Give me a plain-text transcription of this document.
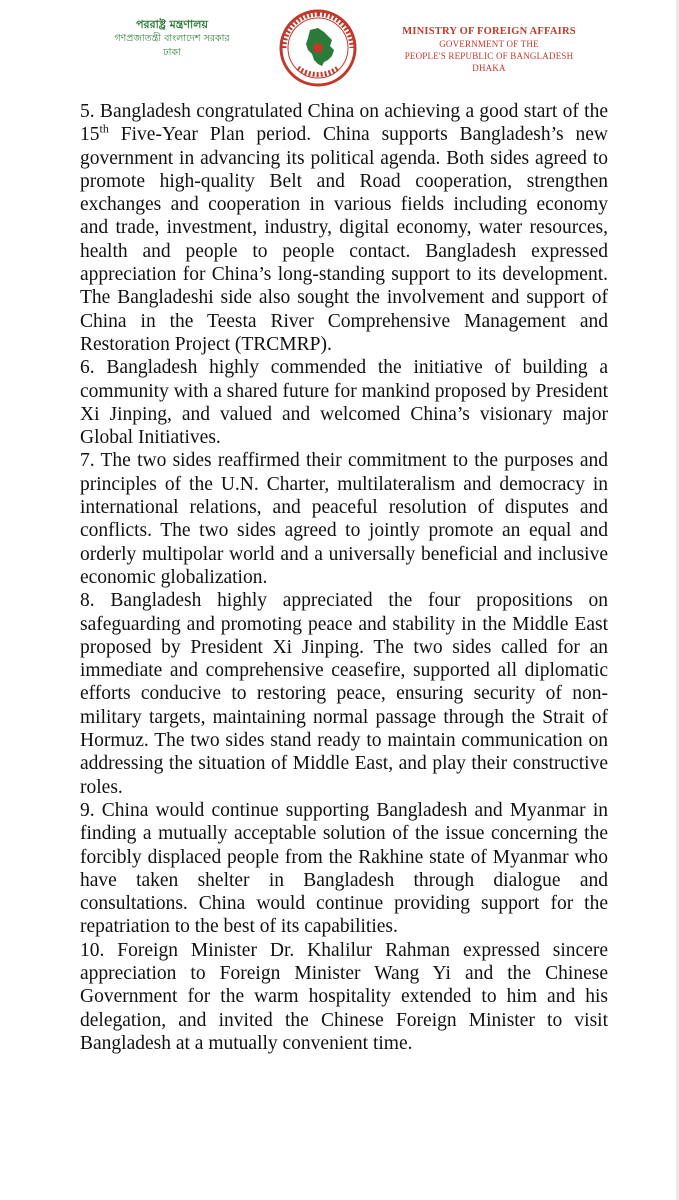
পররাষ্ট্র মন্ত্রণালয়
গণপ্রজাতন্ত্রী বাংলাদেশ সরকার
ঢাকা
MINISTRY OF FOREIGN AFFAIRS
GOVERNMENT OF THE
PEOPLE'S REPUBLIC OF BANGLADESH
DHAKA

5. Bangladesh congratulated China on achieving a good start of the 15th Five-Year Plan period. China supports Bangladesh’s new government in advancing its political agenda. Both sides agreed to promote high-quality Belt and Road cooperation, strengthen exchanges and cooperation in various fields including economy and trade, investment, industry, digital economy, water resources, health and people to people contact. Bangladesh expressed appreciation for China’s long-standing support to its development. The Bangladeshi side also sought the involvement and support of China in the Teesta River Comprehensive Management and Restoration Project (TRCMRP).

6. Bangladesh highly commended the initiative of building a community with a shared future for mankind proposed by President Xi Jinping, and valued and welcomed China’s visionary major Global Initiatives.

7. The two sides reaffirmed their commitment to the purposes and principles of the U.N. Charter, multilateralism and democracy in international relations, and peaceful resolution of disputes and conflicts. The two sides agreed to jointly promote an equal and orderly multipolar world and a universally beneficial and inclusive economic globalization.

8. Bangladesh highly appreciated the four propositions on safeguarding and promoting peace and stability in the Middle East proposed by President Xi Jinping. The two sides called for an immediate and comprehensive ceasefire, supported all diplomatic efforts conducive to restoring peace, ensuring security of non-military targets, maintaining normal passage through the Strait of Hormuz. The two sides stand ready to maintain communication on addressing the situation of Middle East, and play their constructive roles.

9. China would continue supporting Bangladesh and Myanmar in finding a mutually acceptable solution of the issue concerning the forcibly displaced people from the Rakhine state of Myanmar who have taken shelter in Bangladesh through dialogue and consultations. China would continue providing support for the repatriation to the best of its capabilities.

10. Foreign Minister Dr. Khalilur Rahman expressed sincere appreciation to Foreign Minister Wang Yi and the Chinese Government for the warm hospitality extended to him and his delegation, and invited the Chinese Foreign Minister to visit Bangladesh at a mutually convenient time.
